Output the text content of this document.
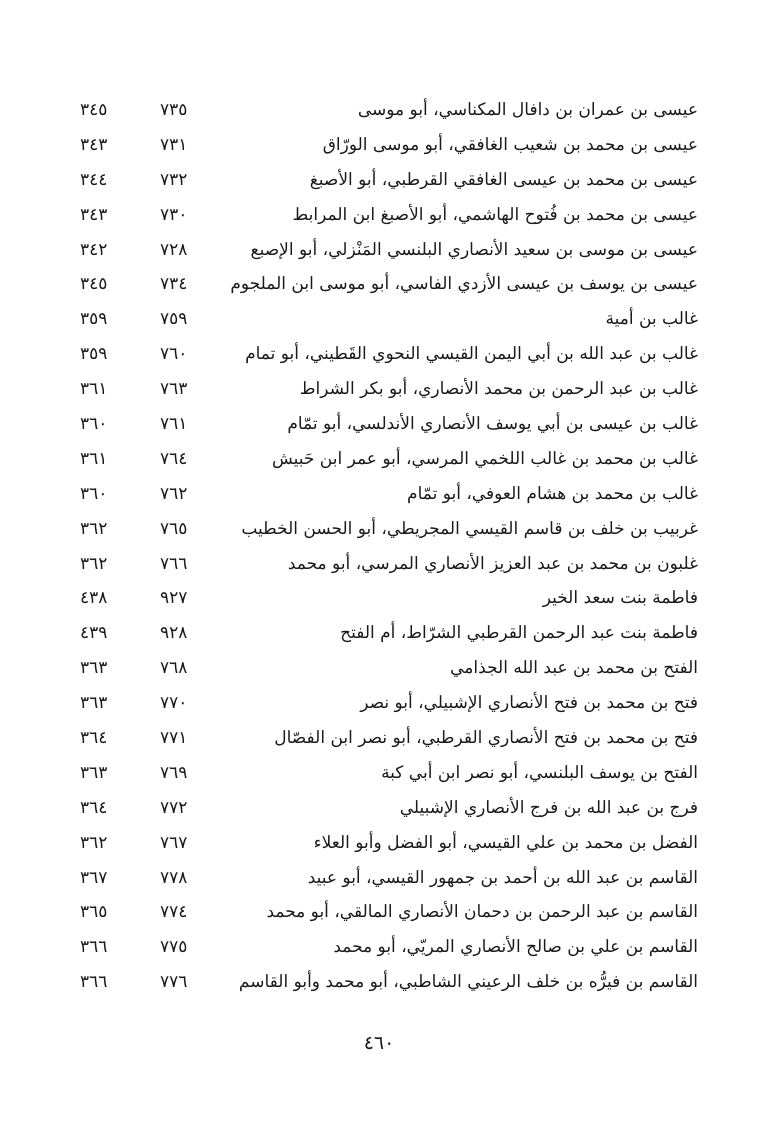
عيسى بن عمران بن دافال المكناسي، أبو موسى
٧٣٥
٣٤٥
عيسى بن محمد بن شعيب الغافقي، أبو موسى الورّاق
٧٣١
٣٤٣
عيسى بن محمد بن عيسى الغافقي القرطبي، أبو الأصبغ
٧٣٢
٣٤٤
عيسى بن محمد بن فُتوح الهاشمي، أبو الأصبغ ابن المرابط
٧٣٠
٣٤٣
عيسى بن موسى بن سعيد الأنصاري البلنسي المَنْزلي، أبو الإصبع
٧٢٨
٣٤٢
عيسى بن يوسف بن عيسى الأزدي الفاسي، أبو موسى ابن الملجوم
٧٣٤
٣٤٥
غالب بن أمية
٧٥٩
٣٥٩
غالب بن عبد الله بن أبي اليمن القيسي النحوي القَطيني، أبو تمام
٧٦٠
٣٥٩
غالب بن عبد الرحمن بن محمد الأنصاري، أبو بكر الشراط
٧٦٣
٣٦١
غالب بن عيسى بن أبي يوسف الأنصاري الأندلسي، أبو تمّام
٧٦١
٣٦٠
غالب بن محمد بن غالب اللخمي المرسي، أبو عمر ابن حَبيش
٧٦٤
٣٦١
غالب بن محمد بن هشام العوفي، أبو تمّام
٧٦٢
٣٦٠
غربيب بن خلف بن قاسم القيسي المجريطي، أبو الحسن الخطيب
٧٦٥
٣٦٢
غلبون بن محمد بن عبد العزيز الأنصاري المرسي، أبو محمد
٧٦٦
٣٦٢
فاطمة بنت سعد الخير
٩٢٧
٤٣٨
فاطمة بنت عبد الرحمن القرطبي الشرّاط، أم الفتح
٩٢٨
٤٣٩
الفتح بن محمد بن عبد الله الجذامي
٧٦٨
٣٦٣
فتح بن محمد بن فتح الأنصاري الإشبيلي، أبو نصر
٧٧٠
٣٦٣
فتح بن محمد بن فتح الأنصاري القرطبي، أبو نصر ابن الفصّال
٧٧١
٣٦٤
الفتح بن يوسف البلنسي، أبو نصر ابن أبي كبة
٧٦٩
٣٦٣
فرج بن عبد الله بن فرج الأنصاري الإشبيلي
٧٧٢
٣٦٤
الفضل بن محمد بن علي القيسي، أبو الفضل وأبو العلاء
٧٦٧
٣٦٢
القاسم بن عبد الله بن أحمد بن جمهور القيسي، أبو عبيد
٧٧٨
٣٦٧
القاسم بن عبد الرحمن بن دحمان الأنصاري المالقي، أبو محمد
٧٧٤
٣٦٥
القاسم بن علي بن صالح الأنصاري المريّي، أبو محمد
٧٧٥
٣٦٦
القاسم بن فيرُّه بن خلف الرعيني الشاطبي، أبو محمد وأبو القاسم
٧٧٦
٣٦٦
٤٦٠
